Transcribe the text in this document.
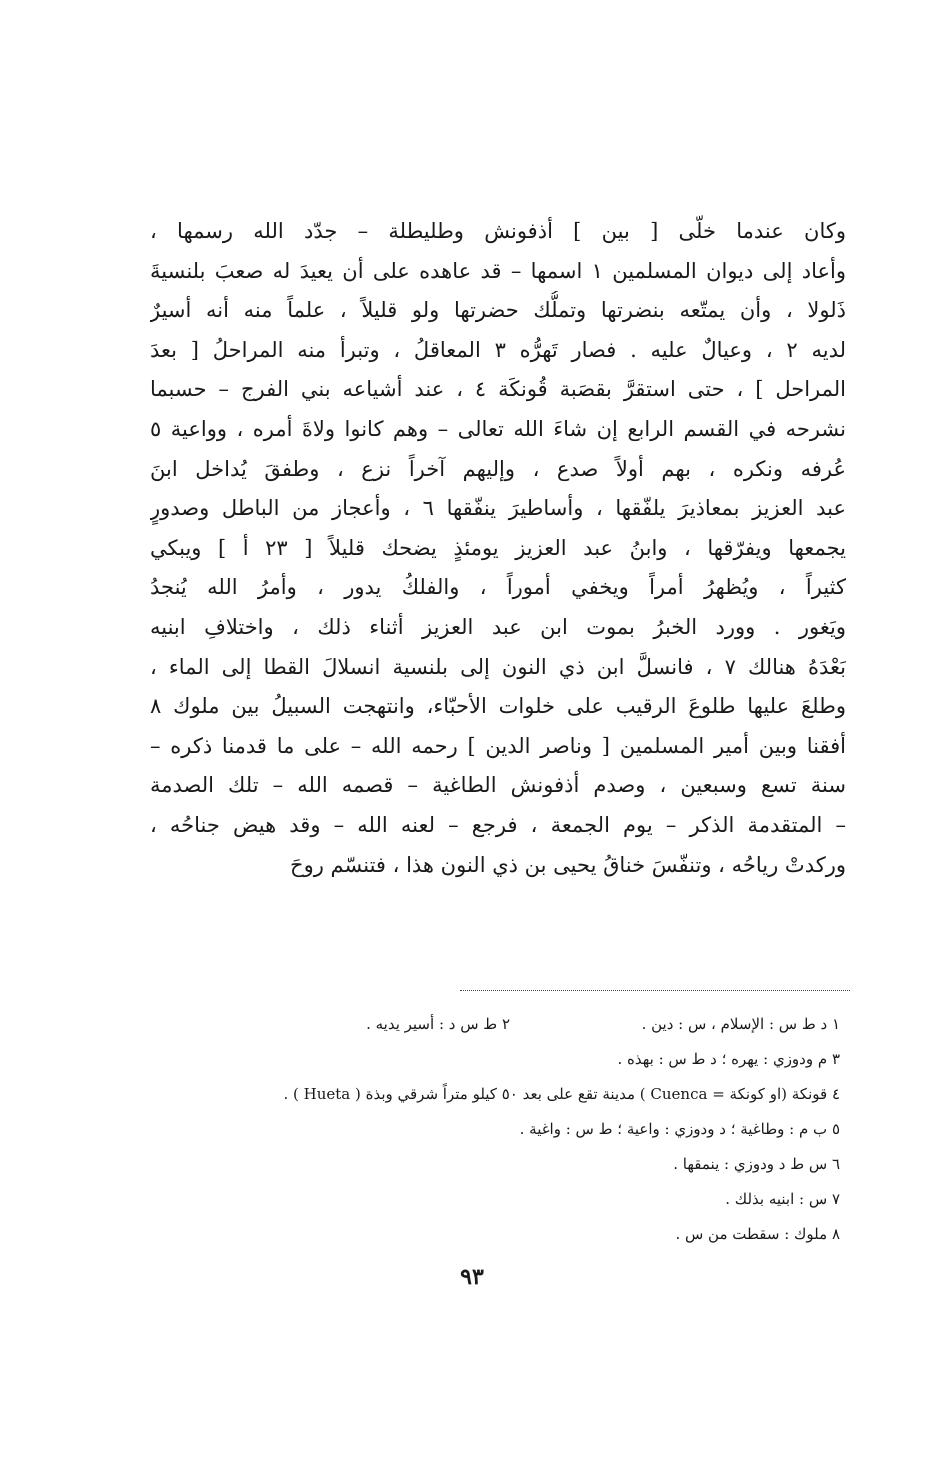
وكان عندما خلّى [ بين ] أذفونش وطليطلة – جدّد الله رسمها ،
وأعاد إلى ديوان المسلمين ١ اسمها – قد عاهده على أن يعيدَ له صعبَ بلنسيةَ
ذَلولا ، وأن يمتّعه بنضرتها وتملُّك حضرتها ولو قليلاً ، علماً منه أنه أسيرٌ
لديه ٢ ، وعيالٌ عليه . فصار تَهرُّه ٣ المعاقلُ ، وتبرأ منه المراحلُ [ بعدَ
المراحل ] ، حتى استقرَّ بقصَبة قُونكَة ٤ ، عند أشياعه بني الفرج – حسبما
نشرحه في القسم الرابع إن شاءَ الله تعالى – وهم كانوا ولاةَ أمره ، وواعية ٥
عُرفه ونكره ، بهم أولاً صدع ، وإليهم آخراً نزع ، وطفقَ يُداخل ابنَ
عبد العزيز بمعاذيرَ يلفّقها ، وأساطيرَ ينفّقها ٦ ، وأعجاز من الباطل وصدورٍ
يجمعها ويفرّقها ، وابنُ عبد العزيز يومئذٍ يضحك قليلاً [ ٢٣ أ ] ويبكي
كثيراً ، ويُظهرُ أمراً ويخفي أموراً ، والفلكُ يدور ، وأمرُ الله يُنجدُ
ويَغور . وورد الخبرُ بموت ابن عبد العزيز أثناء ذلك ، واختلافِ ابنيه
بَعْدَهُ هنالك ٧ ، فانسلَّ ابن ذي النون إلى بلنسية انسلالَ القطا إلى الماء ،
وطلعَ عليها طلوعَ الرقيب على خلوات الأحبّاء، وانتهجت السبيلُ بين ملوك ٨
أفقنا وبين أمير المسلمين [ وناصر الدين ] رحمه الله – على ما قدمنا ذكره –
سنة تسع وسبعين ، وصدم أذفونش الطاغية – قصمه الله – تلك الصدمة
– المتقدمة الذكر – يوم الجمعة ، فرجع – لعنه الله – وقد هيض جناحُه ،
وركدتْ رياحُه ، وتنفّسَ خناقُ يحيى بن ذي النون هذا ، فتنسّم روحَ
١ د ط س : الإسلام ، س : دين .
٢ ط س د : أسير يديه .
٣ م ودوزي : يهره ؛ د ط س : بهذه .
٤ قونكة (او كونكة = Cuenca ) مدينة تقع على بعد ٥٠ كيلو متراً شرقي وبذة ( Hueta ) .
٥ ب م : وطاغية ؛ د ودوزي : واعية ؛ ط س : واغية .
٦ س ط د ودوزي : ينمقها .
٧ س : ابنيه بذلك .
٨ ملوك : سقطت من س .
٩٣
